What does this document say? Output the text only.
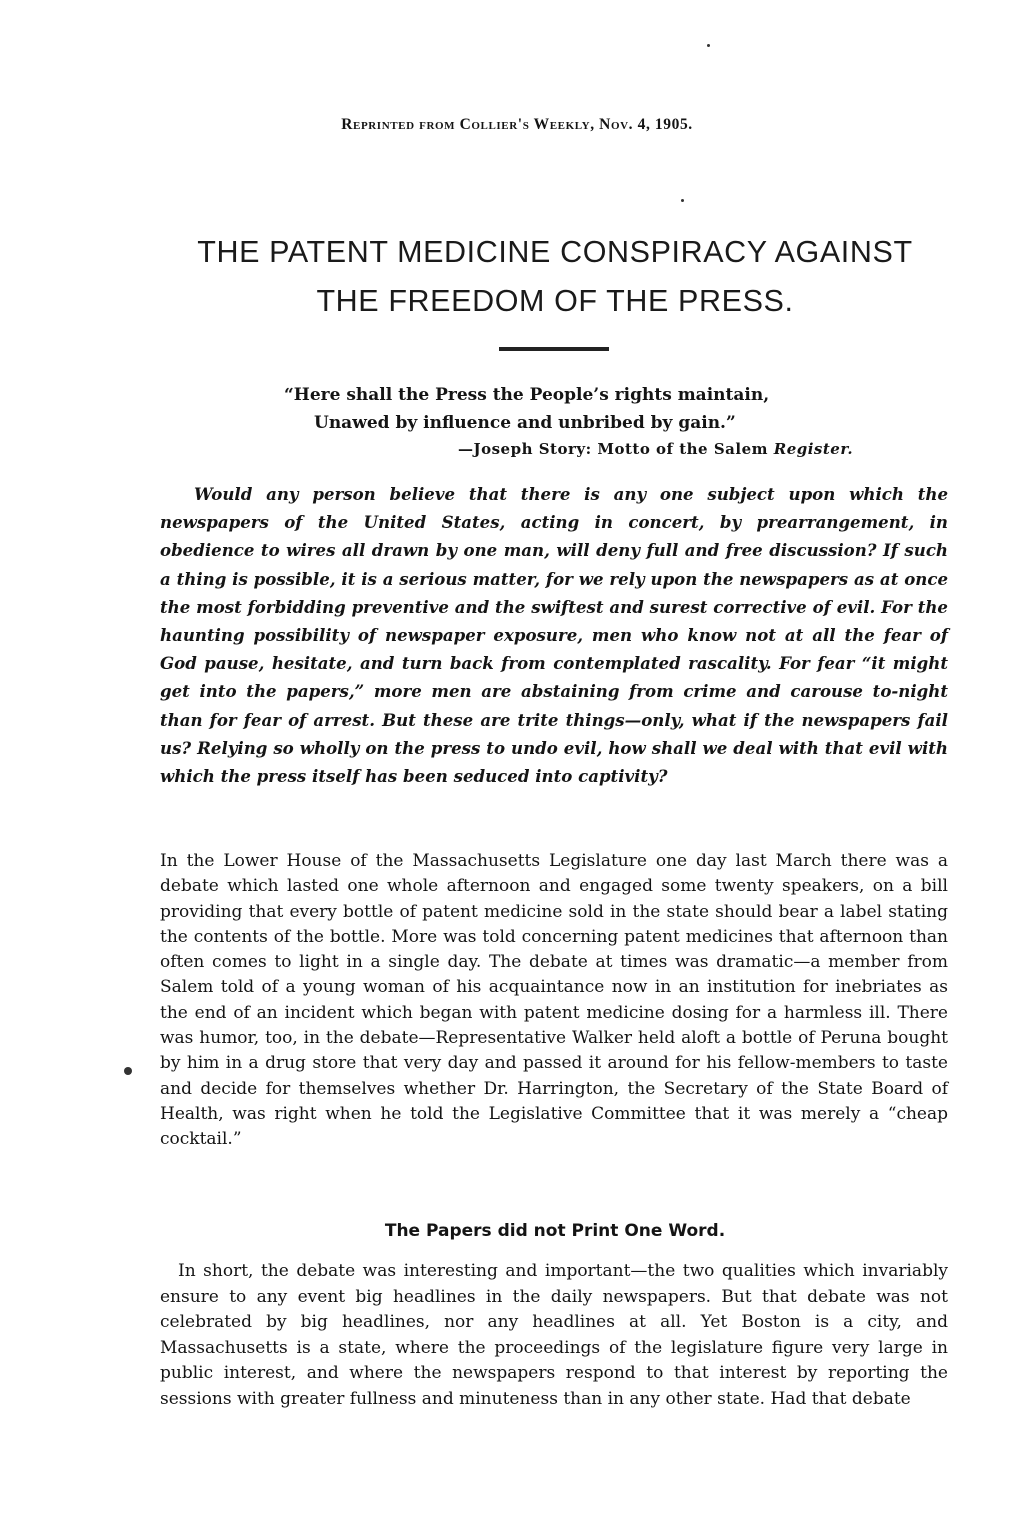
Reprinted from Collier's Weekly, Nov. 4, 1905.
THE PATENT MEDICINE CONSPIRACY AGAINST
THE FREEDOM OF THE PRESS.
“Here shall the Press the People’s rights maintain,
Unawed by influence and unbribed by gain.”
—Joseph Story: Motto of the Salem Register.
Would any person believe that there is any one subject upon which the newspapers of the United States, acting in concert, by prearrangement, in obedience to wires all drawn by one man, will deny full and free discussion? If such a thing is possible, it is a serious matter, for we rely upon the newspapers as at once the most forbidding preventive and the swiftest and surest corrective of evil. For the haunting possibility of newspaper exposure, men who know not at all the fear of God pause, hesitate, and turn back from contemplated rascality. For fear “it might get into the papers,” more men are abstaining from crime and carouse to-night than for fear of arrest. But these are trite things—only, what if the newspapers fail us? Relying so wholly on the press to undo evil, how shall we deal with that evil with which the press itself has been seduced into captivity?
In the Lower House of the Massachusetts Legislature one day last March there was a debate which lasted one whole afternoon and engaged some twenty speakers, on a bill providing that every bottle of patent medicine sold in the state should bear a label stating the contents of the bottle. More was told concerning patent medicines that afternoon than often comes to light in a single day. The debate at times was dramatic—a member from Salem told of a young woman of his acquaintance now in an institution for inebriates as the end of an incident which began with patent medicine dosing for a harmless ill. There was humor, too, in the debate—Representative Walker held aloft a bottle of Peruna bought by him in a drug store that very day and passed it around for his fellow-members to taste and decide for themselves whether Dr. Harrington, the Secretary of the State Board of Health, was right when he told the Legislative Committee that it was merely a “cheap cocktail.”
The Papers did not Print One Word.
In short, the debate was interesting and important—the two qualities which invariably ensure to any event big headlines in the daily newspapers. But that debate was not celebrated by big headlines, nor any headlines at all. Yet Boston is a city, and Massachusetts is a state, where the proceedings of the legislature figure very large in public interest, and where the newspapers respond to that interest by reporting the sessions with greater fullness and minuteness than in any other state. Had that debate
